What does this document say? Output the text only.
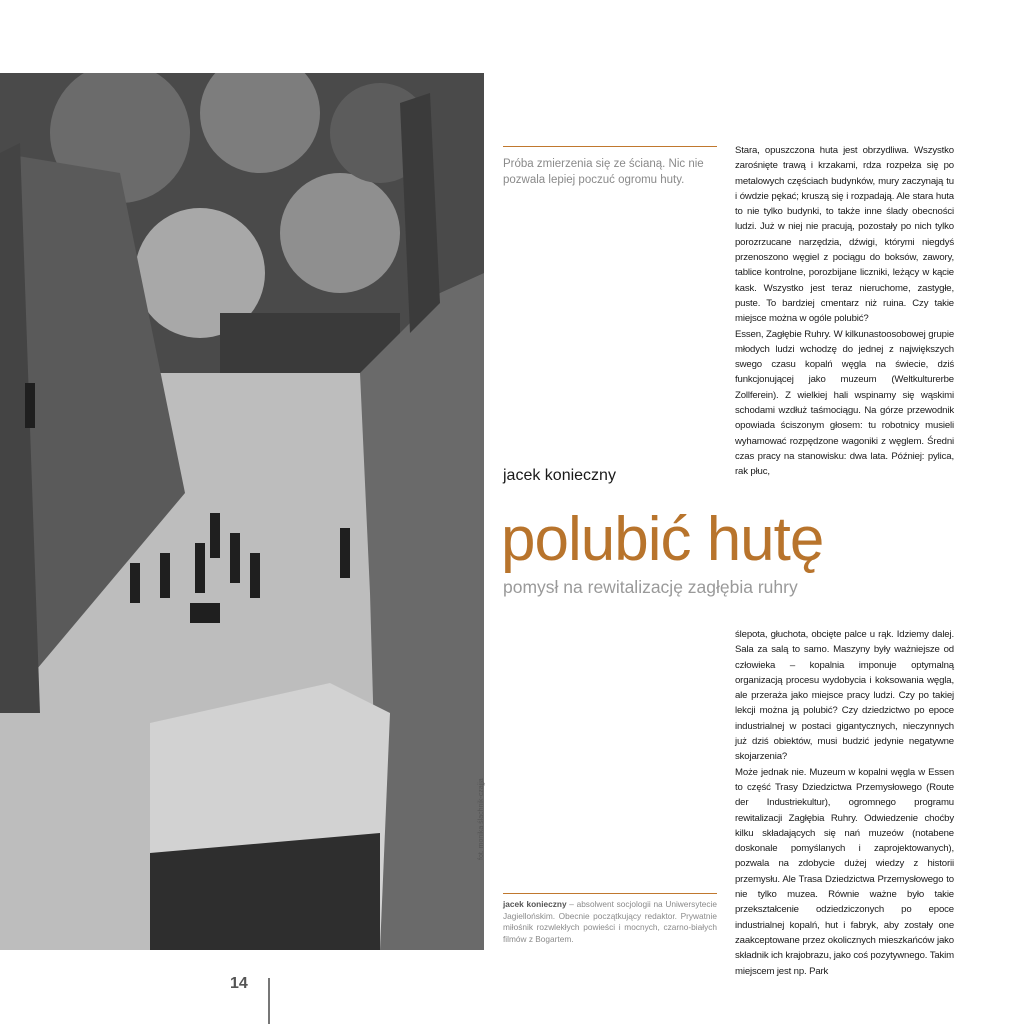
fot. monika ślachnik-czajja
Próba zmierzenia się ze ścianą. Nic nie pozwala lepiej poczuć ogromu huty.

Stara, opuszczona huta jest obrzydliwa. Wszystko zarośnięte trawą i krzakami, rdza rozpełza się po metalowych częściach budynków, mury zaczynają tu i ówdzie pękać; kruszą się i rozpadają. Ale stara huta to nie tylko budynki, to także inne ślady obecności ludzi. Już w niej nie pracują, pozostały po nich tylko porozrzucane narzędzia, dźwigi, którymi niegdyś przenoszono węgiel z pociągu do boksów, zawory, tablice kontrolne, porozbijane liczniki, leżący w kącie kask. Wszystko jest teraz nieruchome, zastygłe, puste. To bardziej cmentarz niż ruina. Czy takie miejsce można w ogóle polubić?

Essen, Zagłębie Ruhry. W kilkunastoosobowej grupie młodych ludzi wchodzę do jednej z największych swego czasu kopalń węgla na świecie, dziś funkcjonującej jako muzeum (Weltkulturerbe Zollferein). Z wielkiej hali wspinamy się wąskimi schodami wzdłuż taśmociągu. Na górze przewodnik opowiada ściszonym głosem: tu robotnicy musieli wyhamować rozpędzone wagoniki z węglem. Średni czas pracy na stanowisku: dwa lata. Później: pylica, rak płuc,

jacek konieczny
polubić hutę
pomysł na rewitalizację zagłębia ruhry

ślepota, głuchota, obcięte palce u rąk. Idziemy dalej. Sala za salą to samo. Maszyny były ważniejsze od człowieka – kopalnia imponuje optymalną organizacją procesu wydobycia i koksowania węgla, ale przeraża jako miejsce pracy ludzi. Czy po takiej lekcji można ją polubić? Czy dziedzictwo po epoce industrialnej w postaci gigantycznych, nieczynnych już dziś obiektów, musi budzić jedynie negatywne skojarzenia?

Może jednak nie. Muzeum w kopalni węgla w Essen to część Trasy Dziedzictwa Przemysłowego (Route der Industriekultur), ogromnego programu rewitalizacji Zagłębia Ruhry. Odwiedzenie choćby kilku składających się nań muzeów (notabene doskonale pomyślanych i zaprojektowanych), pozwala na zdobycie dużej wiedzy z historii przemysłu. Ale Trasa Dziedzictwa Przemysłowego to nie tylko muzea. Równie ważne było takie przekształcenie odziedziczonych po epoce industrialnej kopalń, hut i fabryk, aby zostały one zaakceptowane przez okolicznych mieszkańców jako składnik ich krajobrazu, jako coś pozytywnego. Takim miejscem jest np. Park

jacek konieczny – absolwent socjologii na Uniwersytecie Jagiellońskim. Obecnie początkujący redaktor. Prywatnie miłośnik rozwlekłych powieści i mocnych, czarno-białych filmów z Bogartem.
14
